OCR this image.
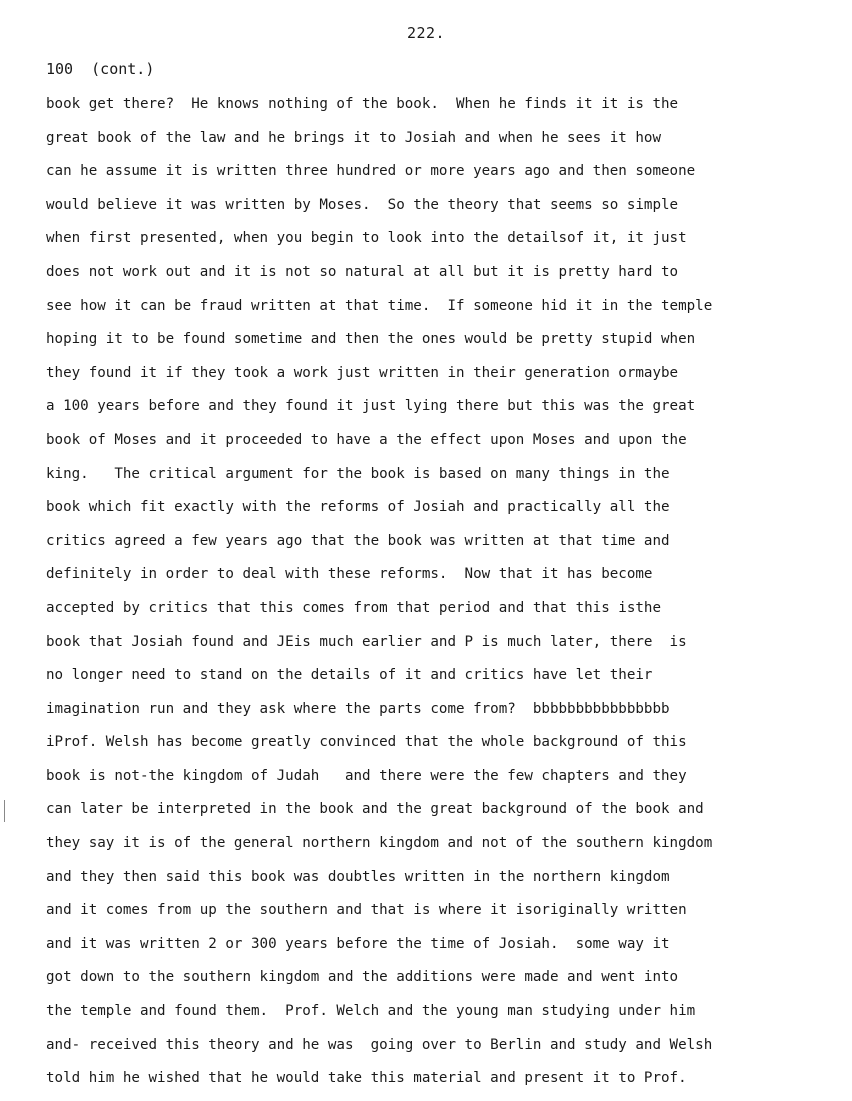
222.
100  (cont.)
book get there?  He knows nothing of the book.  When he finds it it is the
great book of the law and he brings it to Josiah and when he sees it how
can he assume it is written three hundred or more years ago and then someone
would believe it was written by Moses.  So the theory that seems so simple
when first presented, when you begin to look into the detailsof it, it just
does not work out and it is not so natural at all but it is pretty hard to
see how it can be fraud written at that time.  If someone hid it in the temple
hoping it to be found sometime and then the ones would be pretty stupid when
they found it if they took a work just written in their generation ormaybe
a 100 years before and they found it just lying there but this was the great
book of Moses and it proceeded to have a the effect upon Moses and upon the
king.   The critical argument for the book is based on many things in the
book which fit exactly with the reforms of Josiah and practically all the
critics agreed a few years ago that the book was written at that time and
definitely in order to deal with these reforms.  Now that it has become
accepted by critics that this comes from that period and that this isthe
book that Josiah found and JEis much earlier and P is much later, there  is
no longer need to stand on the details of it and critics have let their
imagination run and they ask where the parts come from?  bbbbbbbbbbbbbbbb
iProf. Welsh has become greatly convinced that the whole background of this
book is not-the kingdom of Judah   and there were the few chapters and they
can later be interpreted in the book and the great background of the book and
they say it is of the general northern kingdom and not of the southern kingdom
and they then said this book was doubtles written in the northern kingdom
and it comes from up the southern and that is where it isoriginally written
and it was written 2 or 300 years before the time of Josiah.  some way it
got down to the southern kingdom and the additions were made and went into
the temple and found them.  Prof. Welch and the young man studying under him
and- received this theory and he was  going over to Berlin and study and Welsh
told him he wished that he would take this material and present it to Prof.
